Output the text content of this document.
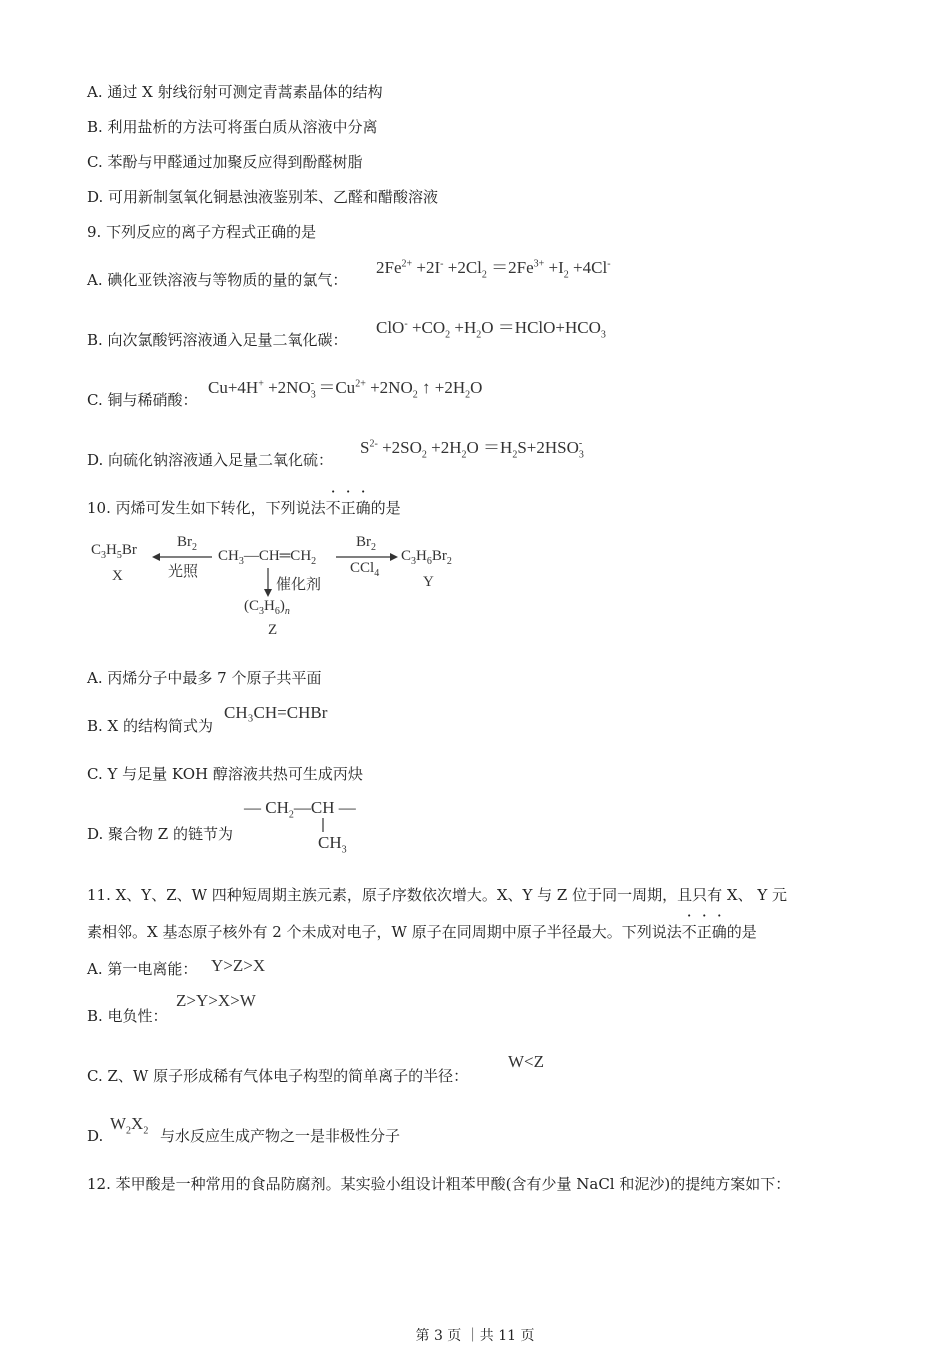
A. 通过 X 射线衍射可测定青蒿素晶体的结构
B. 利用盐析的方法可将蛋白质从溶液中分离
C. 苯酚与甲醛通过加聚反应得到酚醛树脂
D. 可用新制氢氧化铜悬浊液鉴别苯、乙醛和醋酸溶液
9. 下列反应的离子方程式正确的是
A. 碘化亚铁溶液与等物质的量的氯气：
$2Fe^{2+} +2I^- +2Cl_2 =2Fe^{3+} +I_2 +4Cl^-$
B. 向次氯酸钙溶液通入足量二氧化碳：
$ClO^- +CO_2 +H_2O$ $=HClO+HCO_3$
C. 铜与稀硝酸：
$Cu+4H^+ +2NO_3^- =Cu^{2+} +2NO_2$ ↑ $+2H_2O$
D. 向硫化钠溶液通入足量二氧化硫：
$S^{2-} +2SO_2 +2H_2O =H_2S+2HSO_3^-$
10. 丙烯可发生如下转化，下列说法不正确的是
$C_3H_5Br$
X
$Br_2$
光照
$CH_3—CH═CH_2$
$Br_2$
CCl$_4$
$C_3H_6Br_2$
Y
催化剂
$(C_3H_6)_n$
Z
A. 丙烯分子中最多 7 个原子共平面
B. X 的结构简式为
CH₃CH=CHBr
C. Y 与足量 KOH 醇溶液共热可生成丙炔
D. 聚合物 Z 的链节为
— $CH_2—CH$ —
$CH_3$
11. X、Y、Z、W 四种短周期主族元素，原子序数依次增大。X、Y 与 Z 位于同一周期，且只有 X、 Y 元
素相邻。X 基态原子核外有 2 个未成对电子，W 原子在同周期中原子半径最大。下列说法不正确的是
A. 第一电离能： Y>Z>X
B. 电负性：
Z>Y>X>W
C. Z、W 原子形成稀有气体电子构型的简单离子的半径：
W<Z
D.
$W_2X_2$ 与水反应生成产物之一是非极性分子
12. 苯甲酸是一种常用的食品防腐剂。某实验小组设计粗苯甲酸(含有少量 NaCl 和泥沙)的提纯方案如下：
第 3 页 ｜共 11 页
